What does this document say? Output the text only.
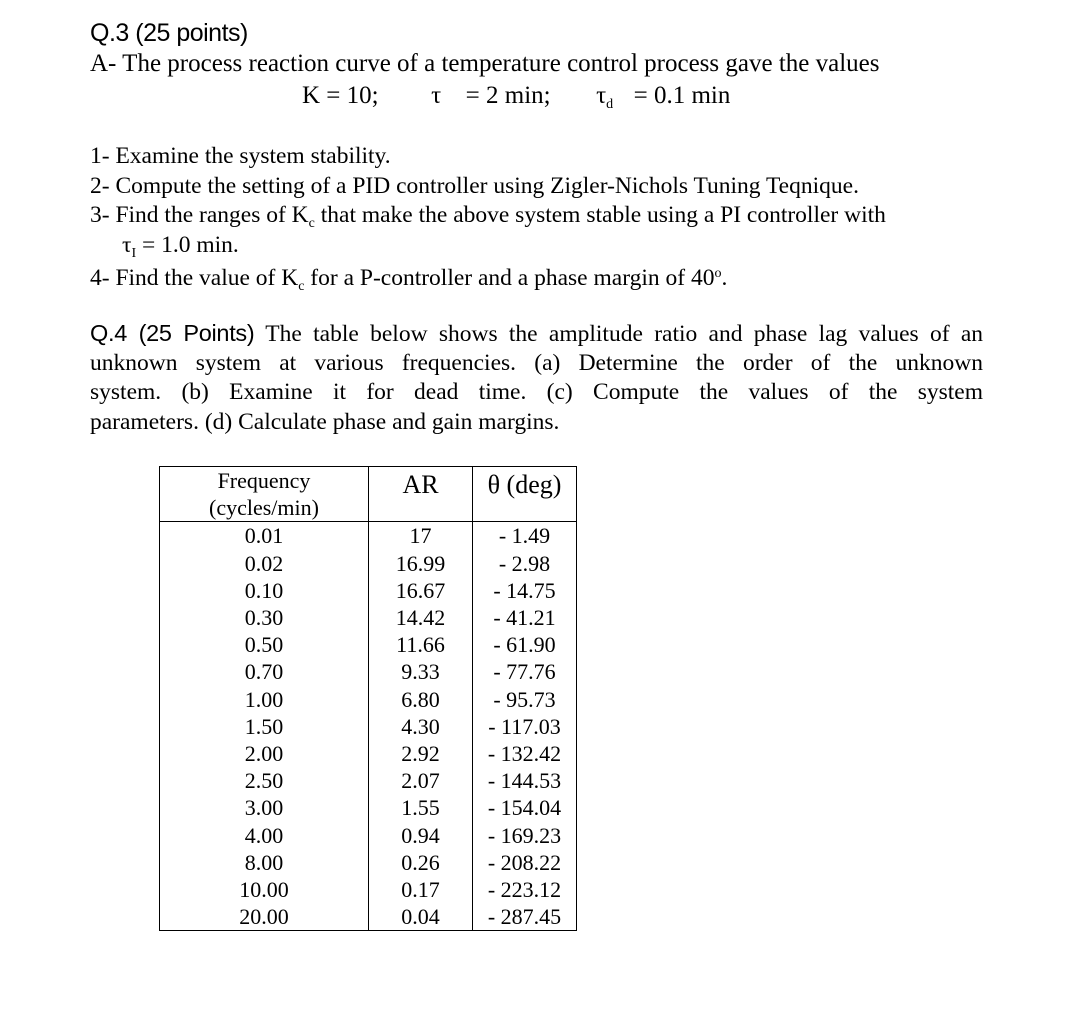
Q.3 (25 points)
A- The process reaction curve of a temperature control process gave the values
K = 10; τ = 2 min; $\tau_d = 0.1$ min
1- Examine the system stability.
2- Compute the setting of a PID controller using Zigler-Nichols Tuning Teqnique.
3- Find the ranges of $K_c$ that make the above system stable using a PI controller with
$\tau_I = 1.0$ min.
4- Find the value of $K_c$ for a P-controller and a phase margin of 40$^o$.
Q.4 (25 Points) The table below shows the amplitude ratio and phase lag values of an
unknown system at various frequencies. (a) Determine the order of the unknown
system. (b) Examine it for dead time. (c) Compute the values of the system
parameters. (d) Calculate phase and gain margins.
Frequency
(cycles/min)	AR	θ (deg)
0.01	17	- 1.49
0.02	16.99	- 2.98
0.10	16.67	- 14.75
0.30	14.42	- 41.21
0.50	11.66	- 61.90
0.70	9.33	- 77.76
1.00	6.80	- 95.73
1.50	4.30	- 117.03
2.00	2.92	- 132.42
2.50	2.07	- 144.53
3.00	1.55	- 154.04
4.00	0.94	- 169.23
8.00	0.26	- 208.22
10.00	0.17	- 223.12
20.00	0.04	- 287.45
